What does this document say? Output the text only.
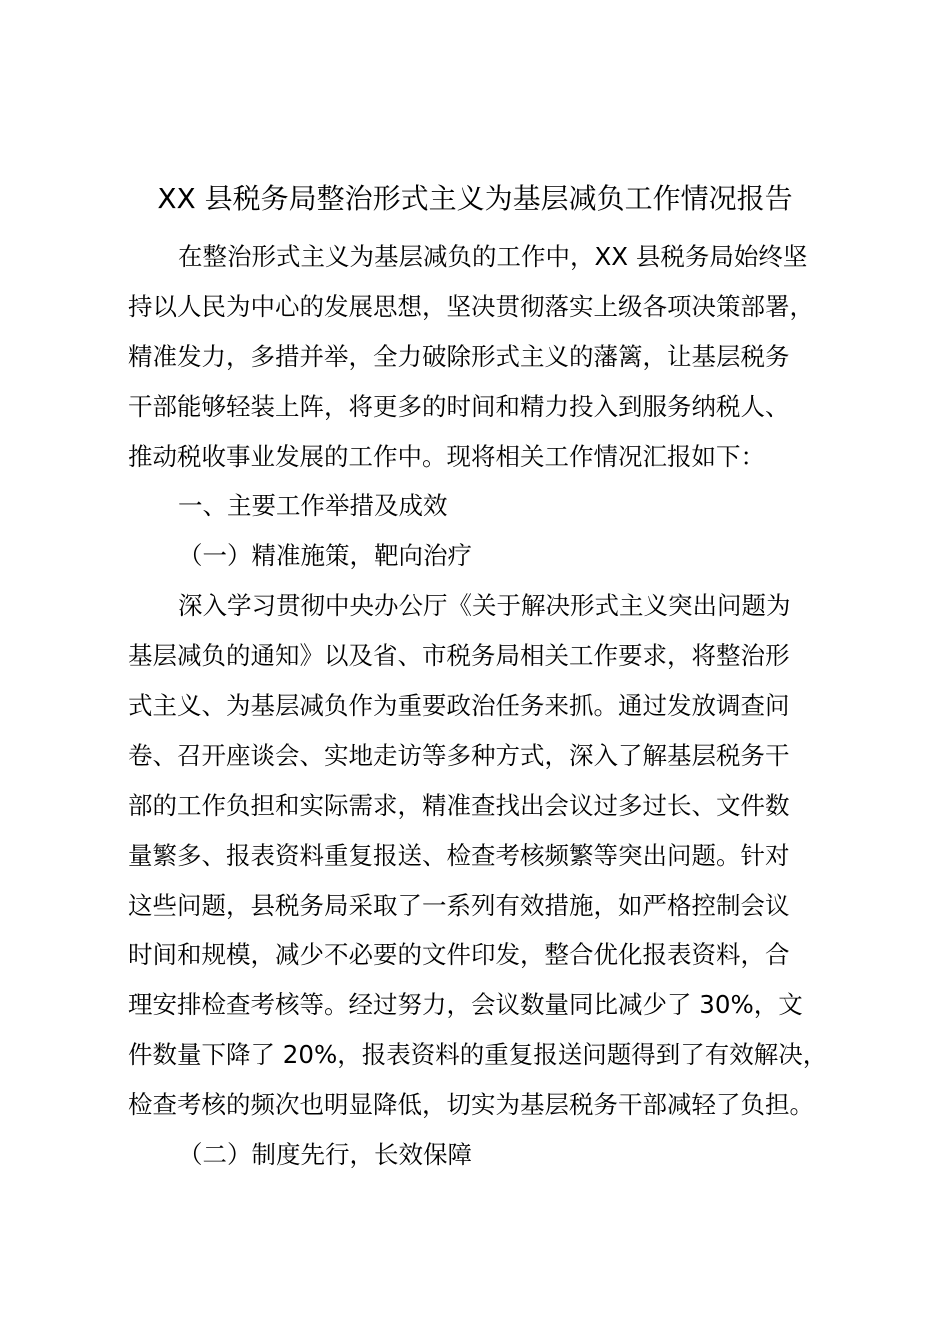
XX 县税务局整治形式主义为基层减负工作情况报告
在整治形式主义为基层减负的工作中，XX 县税务局始终坚
持以人民为中心的发展思想，坚决贯彻落实上级各项决策部署，
精准发力，多措并举，全力破除形式主义的藩篱，让基层税务
干部能够轻装上阵，将更多的时间和精力投入到服务纳税人、
推动税收事业发展的工作中。现将相关工作情况汇报如下：
一、主要工作举措及成效
（一）精准施策，靶向治疗
深入学习贯彻中央办公厅《关于解决形式主义突出问题为
基层减负的通知》以及省、市税务局相关工作要求，将整治形
式主义、为基层减负作为重要政治任务来抓。通过发放调查问
卷、召开座谈会、实地走访等多种方式，深入了解基层税务干
部的工作负担和实际需求，精准查找出会议过多过长、文件数
量繁多、报表资料重复报送、检查考核频繁等突出问题。针对
这些问题，县税务局采取了一系列有效措施，如严格控制会议
时间和规模，减少不必要的文件印发，整合优化报表资料，合
理安排检查考核等。经过努力，会议数量同比减少了 30%，文
件数量下降了 20%，报表资料的重复报送问题得到了有效解决，
检查考核的频次也明显降低，切实为基层税务干部减轻了负担。
（二）制度先行，长效保障
